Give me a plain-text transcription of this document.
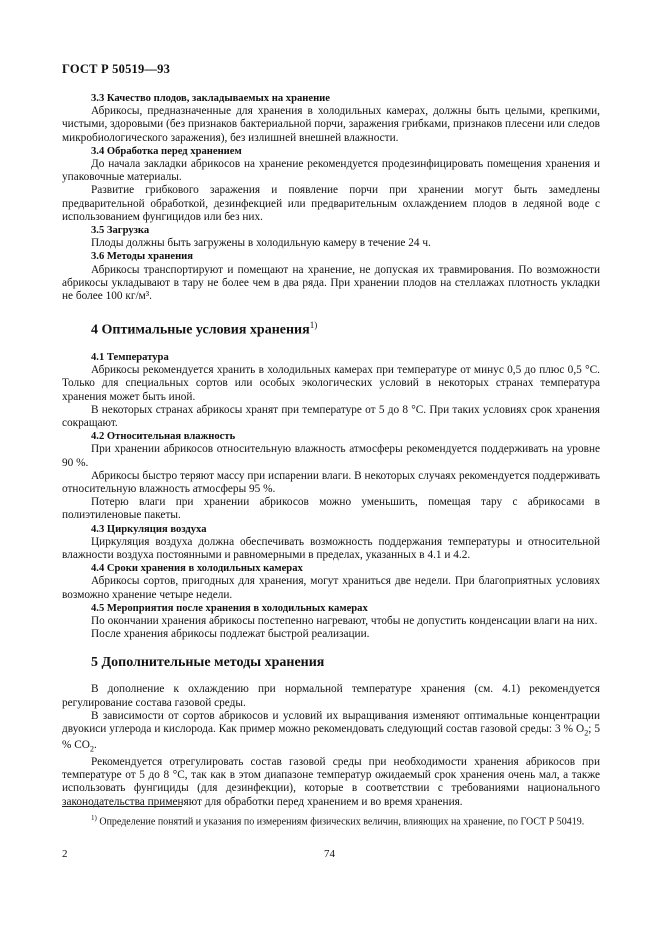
ГОСТ Р 50519—93
3.3 Качество плодов, закладываемых на хранение

Абрикосы, предназначенные для хранения в холодильных камерах, должны быть целыми, крепкими, чистыми, здоровыми (без признаков бактериальной порчи, заражения грибками, признаков плесени или следов микробиологического заражения), без излишней внешней влажности.

3.4 Обработка перед хранением

До начала закладки абрикосов на хранение рекомендуется продезинфицировать помещения хранения и упаковочные материалы.

Развитие грибкового заражения и появление порчи при хранении могут быть замедлены предварительной обработкой, дезинфекцией или предварительным охлаждением плодов в ледяной воде с использованием фунгицидов или без них.

3.5 Загрузка

Плоды должны быть загружены в холодильную камеру в течение 24 ч.

3.6 Методы хранения

Абрикосы транспортируют и помещают на хранение, не допуская их травмирования. По возможности абрикосы укладывают в тару не более чем в два ряда. При хранении плодов на стеллажах плотность укладки не более 100 кг/м³.

4 Оптимальные условия хранения$^{1)}$
4.1 Температура

Абрикосы рекомендуется хранить в холодильных камерах при температуре от минус 0,5 до плюс 0,5 °С. Только для специальных сортов или особых экологических условий в некоторых странах температура хранения может быть иной.

В некоторых странах абрикосы хранят при температуре от 5 до 8 °С. При таких условиях срок хранения сокращают.

4.2 Относительная влажность

При хранении абрикосов относительную влажность атмосферы рекомендуется поддерживать на уровне 90 %.

Абрикосы быстро теряют массу при испарении влаги. В некоторых случаях рекомендуется поддерживать относительную влажность атмосферы 95 %.

Потерю влаги при хранении абрикосов можно уменьшить, помещая тару с абрикосами в полиэтиленовые пакеты.

4.3 Циркуляция воздуха

Циркуляция воздуха должна обеспечивать возможность поддержания температуры и относительной влажности воздуха постоянными и равномерными в пределах, указанных в 4.1 и 4.2.

4.4 Сроки хранения в холодильных камерах

Абрикосы сортов, пригодных для хранения, могут храниться две недели. При благоприятных условиях возможно хранение четыре недели.

4.5 Мероприятия после хранения в холодильных камерах

По окончании хранения абрикосы постепенно нагревают, чтобы не допустить конденсации влаги на них.

После хранения абрикосы подлежат быстрой реализации.

5 Дополнительные методы хранения

В дополнение к охлаждению при нормальной температуре хранения (см. 4.1) рекомендуется регулирование состава газовой среды.

В зависимости от сортов абрикосов и условий их выращивания изменяют оптимальные концентрации двуокиси углерода и кислорода. Как пример можно рекомендовать следующий состав газовой среды: 3 % $O_2$; 5 % $CO_2$.

Рекомендуется отрегулировать состав газовой среды при необходимости хранения абрикосов при температуре от 5 до 8 °С, так как в этом диапазоне температур ожидаемый срок хранения очень мал, а также использовать фунгициды (для дезинфекции), которые в соответствии с требованиями национального законодательства применяют для обработки перед хранением и во время хранения.

$^{1)}$ Определение понятий и указания по измерениям физических величин, влияющих на хранение, по ГОСТ Р 50419.
2	74
